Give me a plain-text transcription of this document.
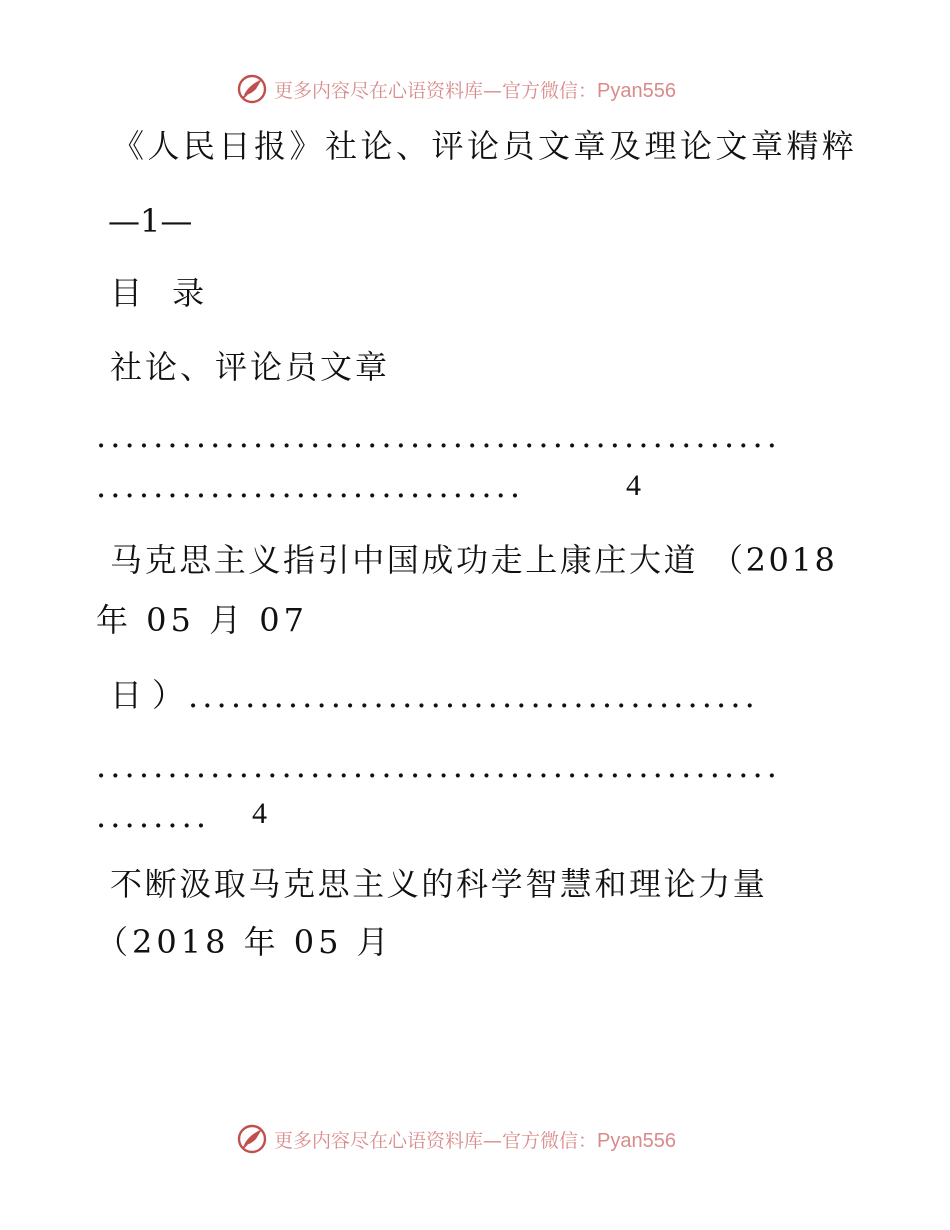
更多内容尽在心语资料库—官方微信：Pyan556
《人民日报》社论、评论员文章及理论文章精粹
—1—
目 录
社论、评论员文章
................................................
..............................	4
马克思主义指引中国成功走上康庄大道 （2018
年 05 月 07
日）
........................................
................................................
........ 4
不断汲取马克思主义的科学智慧和理论力量
（2018 年 05 月
更多内容尽在心语资料库—官方微信：Pyan556
